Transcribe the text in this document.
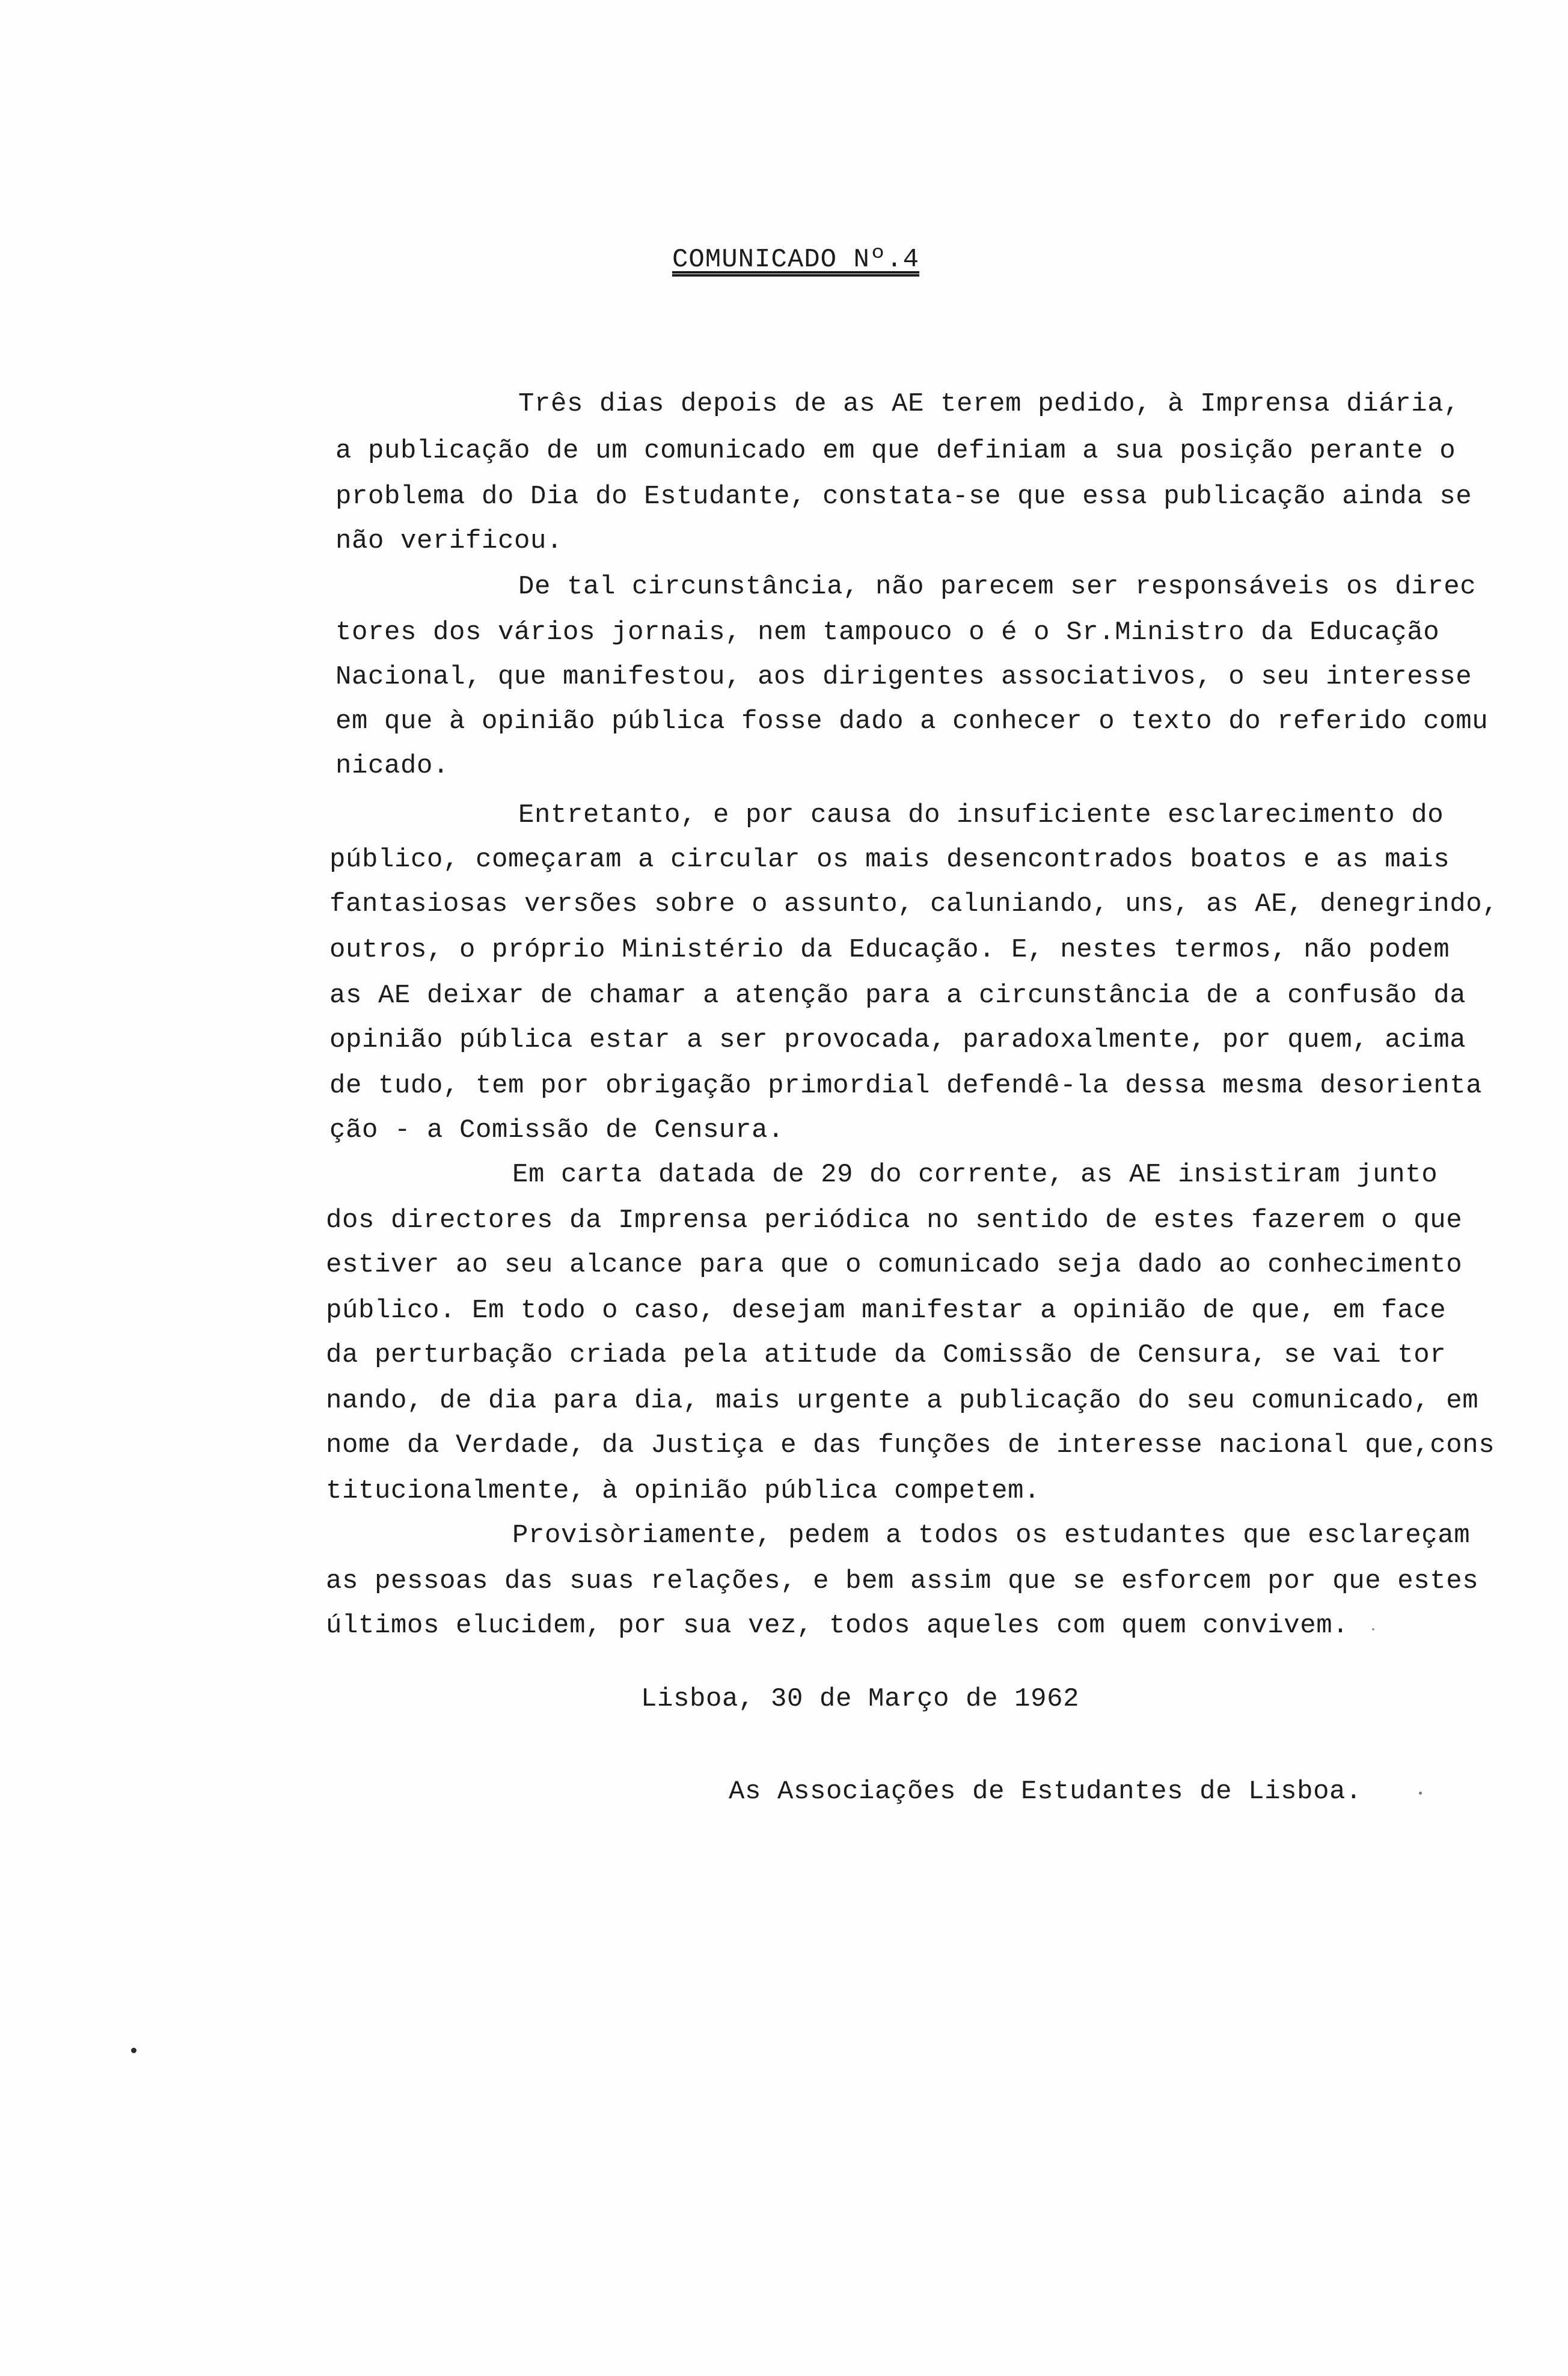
COMUNICADO Nº.4
Três dias depois de as AE terem pedido, à Imprensa diária,
a publicação de um comunicado em que definiam a sua posição perante o
problema do Dia do Estudante, constata-se que essa publicação ainda se
não verificou.
De tal circunstância, não parecem ser responsáveis os direc
tores dos vários jornais, nem tampouco o é o Sr.Ministro da Educação
Nacional, que manifestou, aos dirigentes associativos, o seu interesse
em que à opinião pública fosse dado a conhecer o texto do referido comu
nicado.
Entretanto, e por causa do insuficiente esclarecimento do
público, começaram a circular os mais desencontrados boatos e as mais
fantasiosas versões sobre o assunto, caluniando, uns, as AE, denegrindo,
outros, o próprio Ministério da Educação. E, nestes termos, não podem
as AE deixar de chamar a atenção para a circunstância de a confusão da
opinião pública estar a ser provocada, paradoxalmente, por quem, acima
de tudo, tem por obrigação primordial defendê-la dessa mesma desorienta
ção - a Comissão de Censura.
Em carta datada de 29 do corrente, as AE insistiram junto
dos directores da Imprensa periódica no sentido de estes fazerem o que
estiver ao seu alcance para que o comunicado seja dado ao conhecimento
público. Em todo o caso, desejam manifestar a opinião de que, em face
da perturbação criada pela atitude da Comissão de Censura, se vai tor
nando, de dia para dia, mais urgente a publicação do seu comunicado, em
nome da Verdade, da Justiça e das funções de interesse nacional que,cons
titucionalmente, à opinião pública competem.
Provisòriamente, pedem a todos os estudantes que esclareçam
as pessoas das suas relações, e bem assim que se esforcem por que estes
últimos elucidem, por sua vez, todos aqueles com quem convivem.
Lisboa, 30 de Março de 1962
As Associações de Estudantes de Lisboa.
